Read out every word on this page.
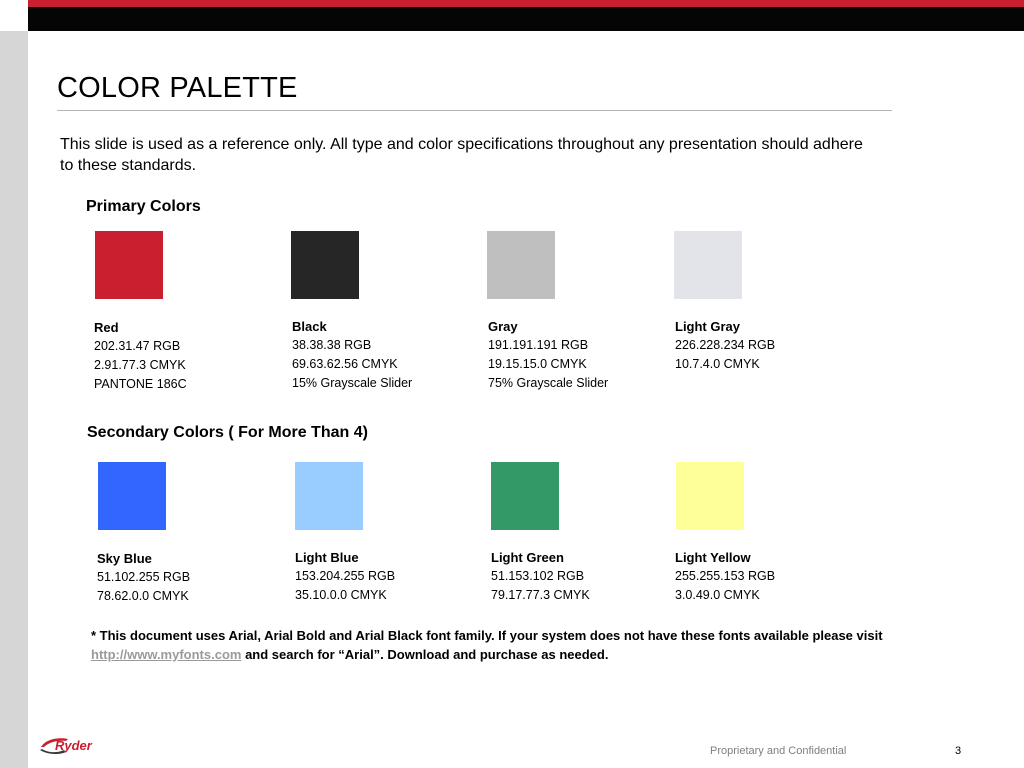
COLOR PALETTE
This slide is used as a reference only. All type and color specifications throughout any presentation should adhere to these standards.
Primary Colors
Red
202.31.47 RGB
2.91.77.3 CMYK
PANTONE 186C
Black
38.38.38 RGB
69.63.62.56 CMYK
15% Grayscale Slider
Gray
191.191.191 RGB
19.15.15.0 CMYK
75% Grayscale Slider
Light Gray
226.228.234 RGB
10.7.4.0 CMYK
Secondary Colors ( For More Than 4)
Sky Blue
51.102.255 RGB
78.62.0.0 CMYK
Light Blue
153.204.255 RGB
35.10.0.0 CMYK
Light Green
51.153.102 RGB
79.17.77.3 CMYK
Light Yellow
255.255.153 RGB
3.0.49.0 CMYK
* This document uses Arial, Arial Bold and Arial Black font family. If your system does not have these fonts available please visit http://www.myfonts.com and search for “Arial”. Download and purchase as needed.
Ryder	Proprietary and Confidential	3
